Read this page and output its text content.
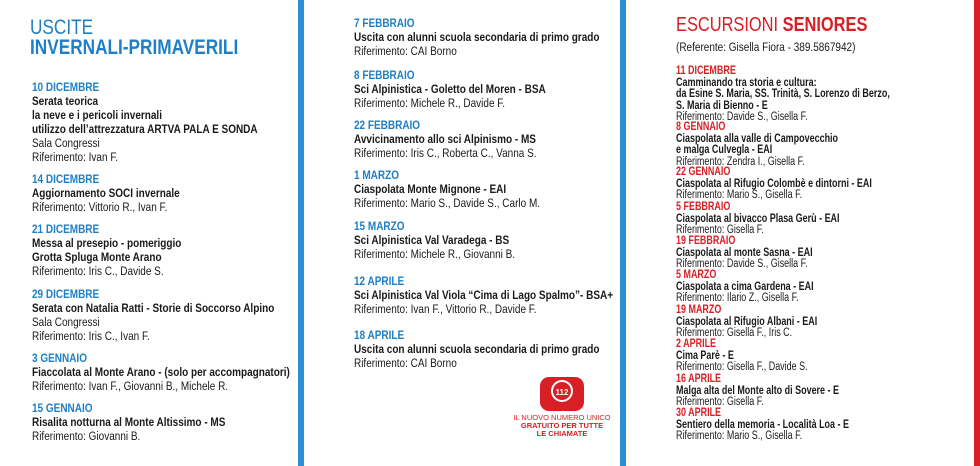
USCITE
INVERNALI-PRIMAVERILI
10 DICEMBRE
Serata teorica
la neve e i pericoli invernali
utilizzo dell’attrezzatura ARTVA PALA E SONDA
Sala Congressi
Riferimento: Ivan F.
14 DICEMBRE
Aggiornamento SOCI invernale
Riferimento: Vittorio R., Ivan F.
21 DICEMBRE
Messa al presepio - pomeriggio
Grotta Spluga Monte Arano
Riferimento: Iris C., Davide S.
29 DICEMBRE
Serata con Natalia Ratti - Storie di Soccorso Alpino
Sala Congressi
Riferimento: Iris C., Ivan F.
3 GENNAIO
Fiaccolata al Monte Arano - (solo per accompagnatori)
Riferimento: Ivan F., Giovanni B., Michele R.
15 GENNAIO
Risalita notturna al Monte Altissimo - MS
Riferimento: Giovanni B.
7 FEBBRAIO
Uscita con alunni scuola secondaria di primo grado
Riferimento: CAI Borno
8 FEBBRAIO
Sci Alpinistica - Goletto del Moren - BSA
Riferimento: Michele R., Davide F.
22 FEBBRAIO
Avvicinamento allo sci Alpinismo - MS
Riferimento: Iris C., Roberta C., Vanna S.
1 MARZO
Ciaspolata Monte Mignone - EAI
Riferimento: Mario S., Davide S., Carlo M.
15 MARZO
Sci Alpinistica Val Varadega - BS
Riferimento: Michele R., Giovanni B.
12 APRILE
Sci Alpinistica Val Viola “Cima di Lago Spalmo”- BSA+
Riferimento: Ivan F., Vittorio R., Davide F.
18 APRILE
Uscita con alunni scuola secondaria di primo grado
Riferimento: CAI Borno
112
IL NUOVO NUMERO UNICO
GRATUITO PER TUTTE
LE CHIAMATE
ESCURSIONI SENIORES
(Referente: Gisella Fiora - 389.5867942)
11 DICEMBRE
Camminando tra storia e cultura:
da Esine S. Maria, SS. Trinità, S. Lorenzo di Berzo,
S. Maria di Bienno - E
Riferimento: Davide S., Gisella F.
8 GENNAIO
Ciaspolata alla valle di Campovecchio
e malga Culvegla - EAI
Riferimento: Zendra I., Gisella F.
22 GENNAIO
Ciaspolata al Rifugio Colombè e dintorni - EAI
Riferimento: Mario S., Gisella F.
5 FEBBRAIO
Ciaspolata al bivacco Plasa Gerù - EAI
Riferimento: Gisella F.
19 FEBBRAIO
Ciaspolata al monte Sasna - EAI
Riferimento: Davide S., Gisella F.
5 MARZO
Ciaspolata a cima Gardena - EAI
Riferimento: Ilario Z., Gisella F.
19 MARZO
Ciaspolata al Rifugio Albani - EAI
Riferimento: Gisella F., Iris C.
2 APRILE
Cima Parè - E
Riferimento: Gisella F., Davide S.
16 APRILE
Malga alta del Monte alto di Sovere - E
Riferimento: Gisella F.
30 APRILE
Sentiero della memoria - Località Loa - E
Riferimento: Mario S., Gisella F.
